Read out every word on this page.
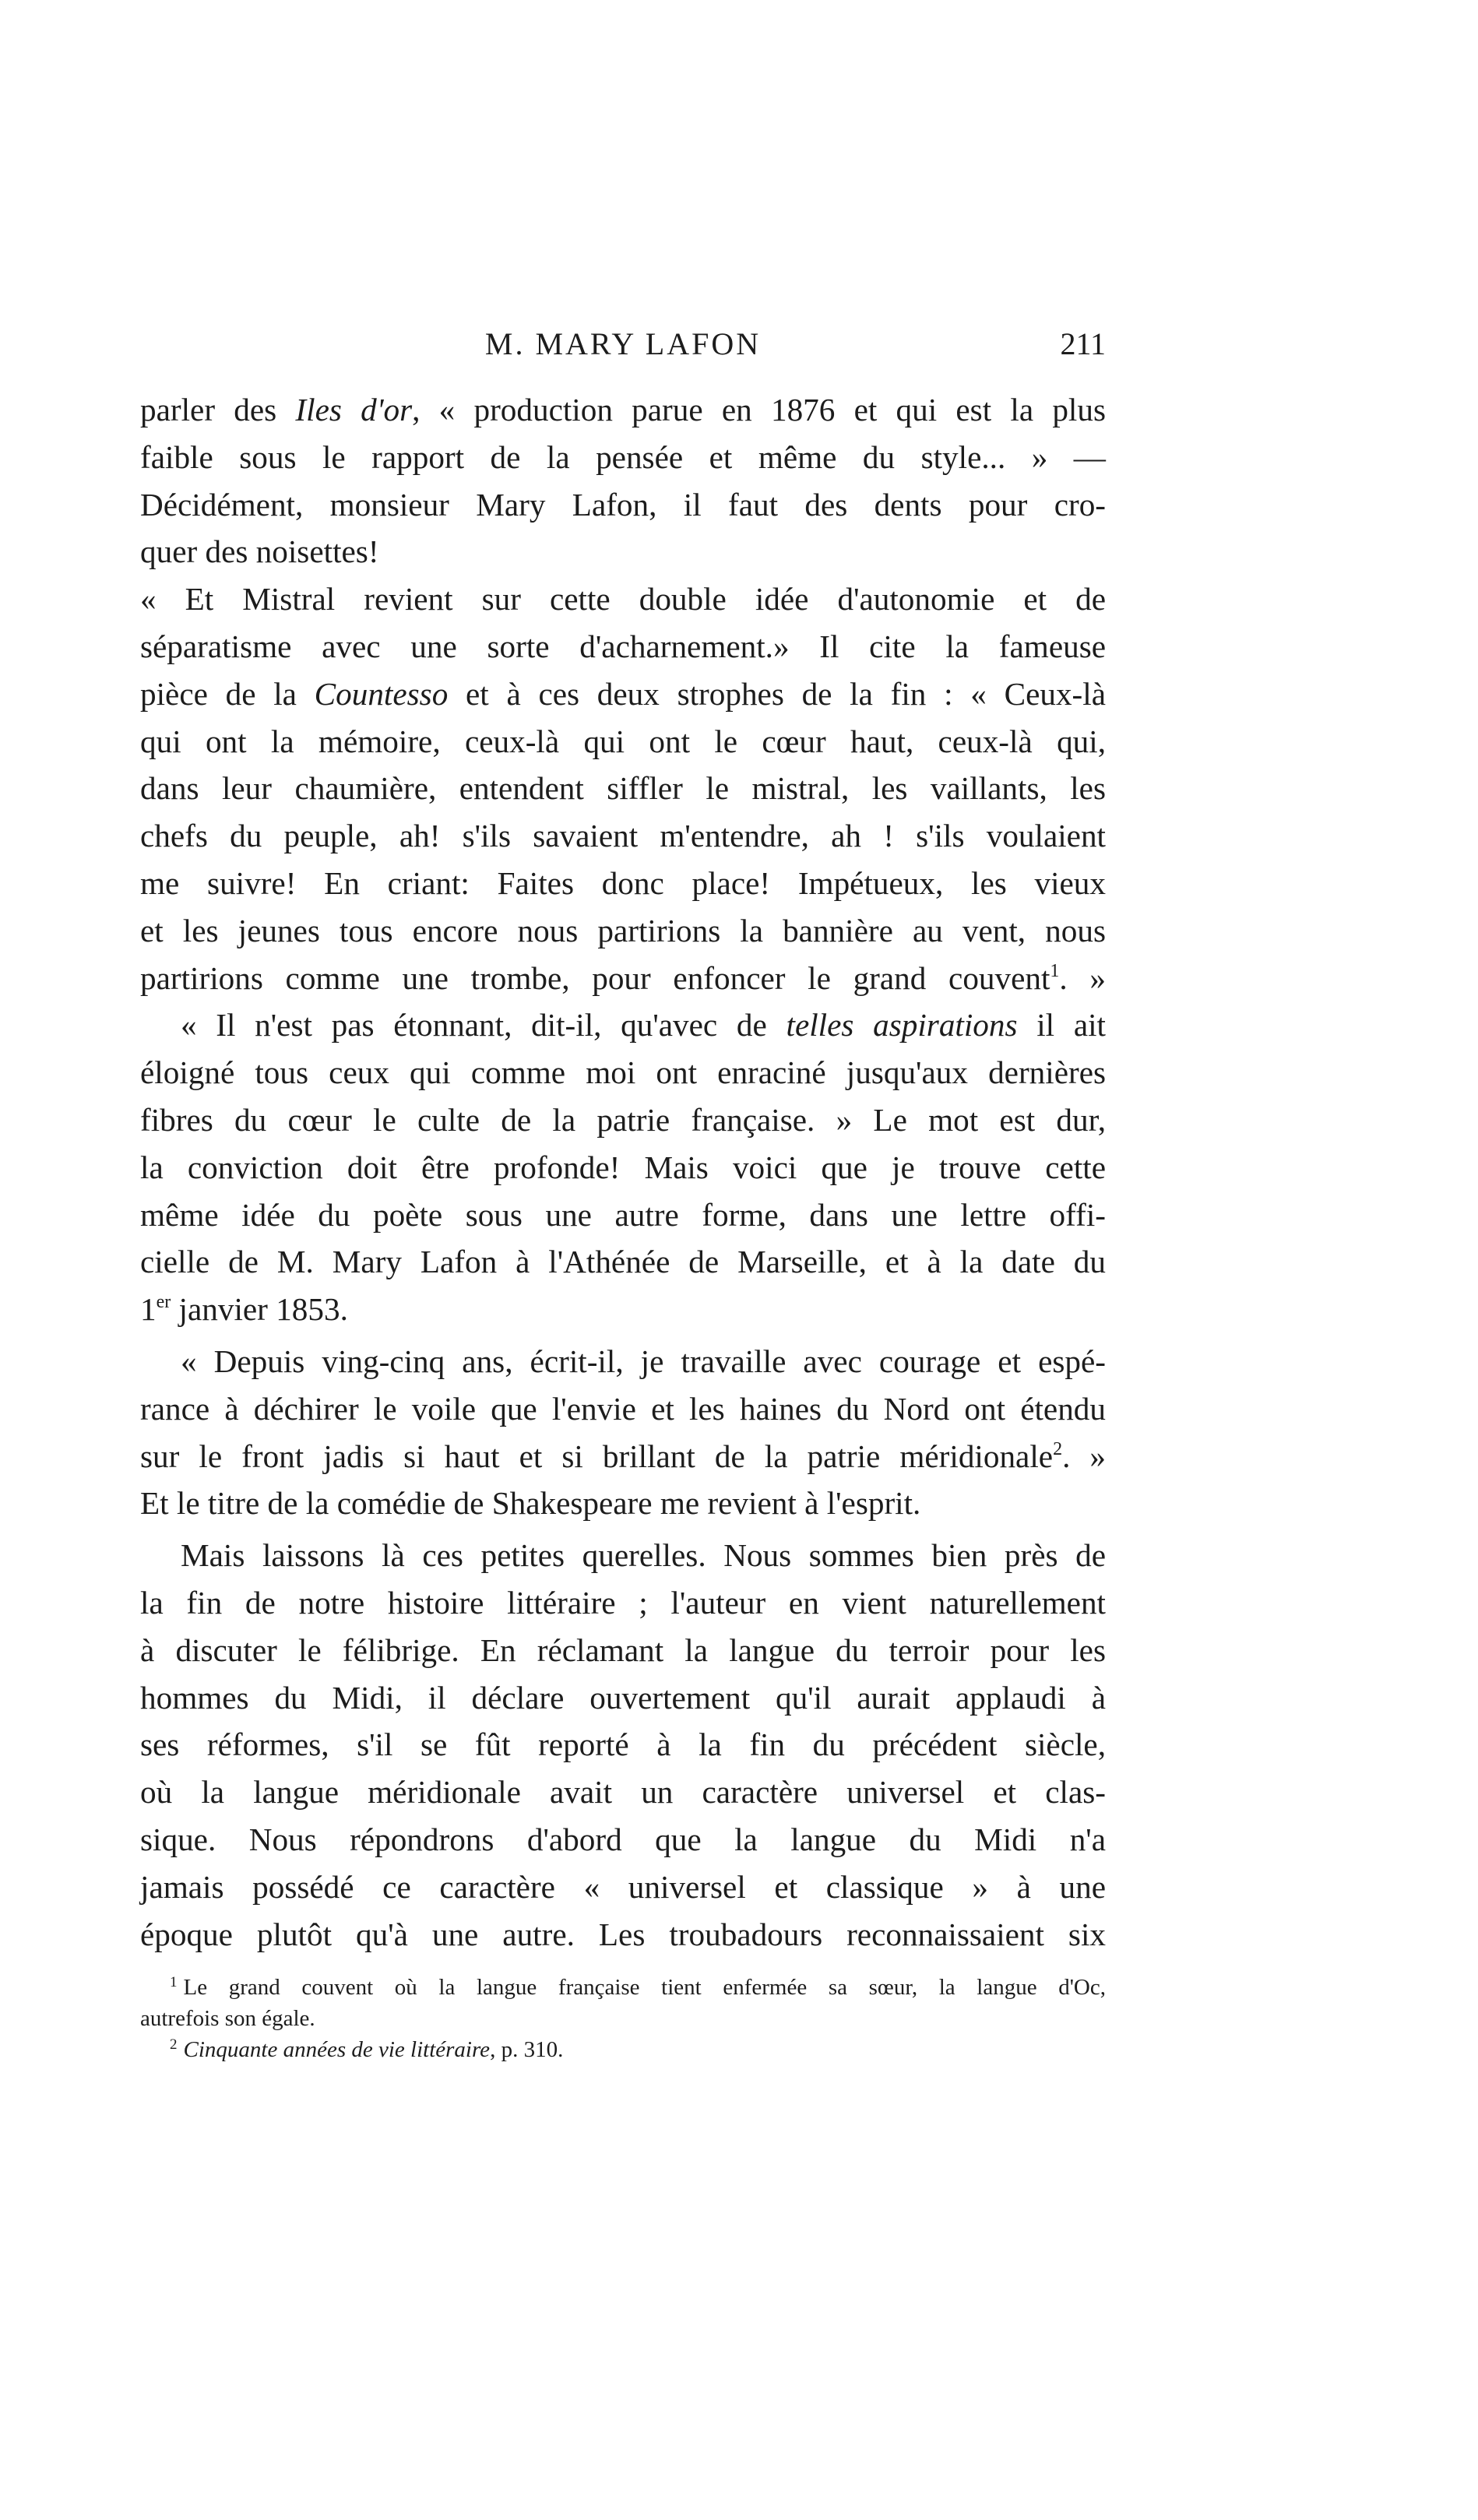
M. MARY LAFON	211
parler des Iles d'or, « production parue en 1876 et qui est la plus
faible sous le rapport de la pensée et même du style... » —
Décidément, monsieur Mary Lafon, il faut des dents pour cro-
quer des noisettes!
« Et Mistral revient sur cette double idée d'autonomie et de
séparatisme avec une sorte d'acharnement.» Il cite la fameuse
pièce de la Countesso et à ces deux strophes de la fin : « Ceux-là
qui ont la mémoire, ceux-là qui ont le cœur haut, ceux-là qui,
dans leur chaumière, entendent siffler le mistral, les vaillants, les
chefs du peuple, ah! s'ils savaient m'entendre, ah ! s'ils voulaient
me suivre! En criant: Faites donc place! Impétueux, les vieux
et les jeunes tous encore nous partirions la bannière au vent, nous
partirions comme une trombe, pour enfoncer le grand couvent$^1$. »
« Il n'est pas étonnant, dit-il, qu'avec de telles aspirations il ait
éloigné tous ceux qui comme moi ont enraciné jusqu'aux dernières
fibres du cœur le culte de la patrie française. » Le mot est dur,
la conviction doit être profonde! Mais voici que je trouve cette
même idée du poète sous une autre forme, dans une lettre offi-
cielle de M. Mary Lafon à l'Athénée de Marseille, et à la date du
1er janvier 1853.
« Depuis ving-cinq ans, écrit-il, je travaille avec courage et espé-
rance à déchirer le voile que l'envie et les haines du Nord ont étendu
sur le front jadis si haut et si brillant de la patrie méridionale$^2$. »
Et le titre de la comédie de Shakespeare me revient à l'esprit.
Mais laissons là ces petites querelles. Nous sommes bien près de
la fin de notre histoire littéraire ; l'auteur en vient naturellement
à discuter le félibrige. En réclamant la langue du terroir pour les
hommes du Midi, il déclare ouvertement qu'il aurait applaudi à
ses réformes, s'il se fût reporté à la fin du précédent siècle,
où la langue méridionale avait un caractère universel et clas-
sique. Nous répondrons d'abord que la langue du Midi n'a
jamais possédé ce caractère « universel et classique » à une
époque plutôt qu'à une autre. Les troubadours reconnaissaient six
$^1$ Le grand couvent où la langue française tient enfermée sa sœur, la langue d'Oc,
autrefois son égale.
$^2$ Cinquante années de vie littéraire, p. 310.
